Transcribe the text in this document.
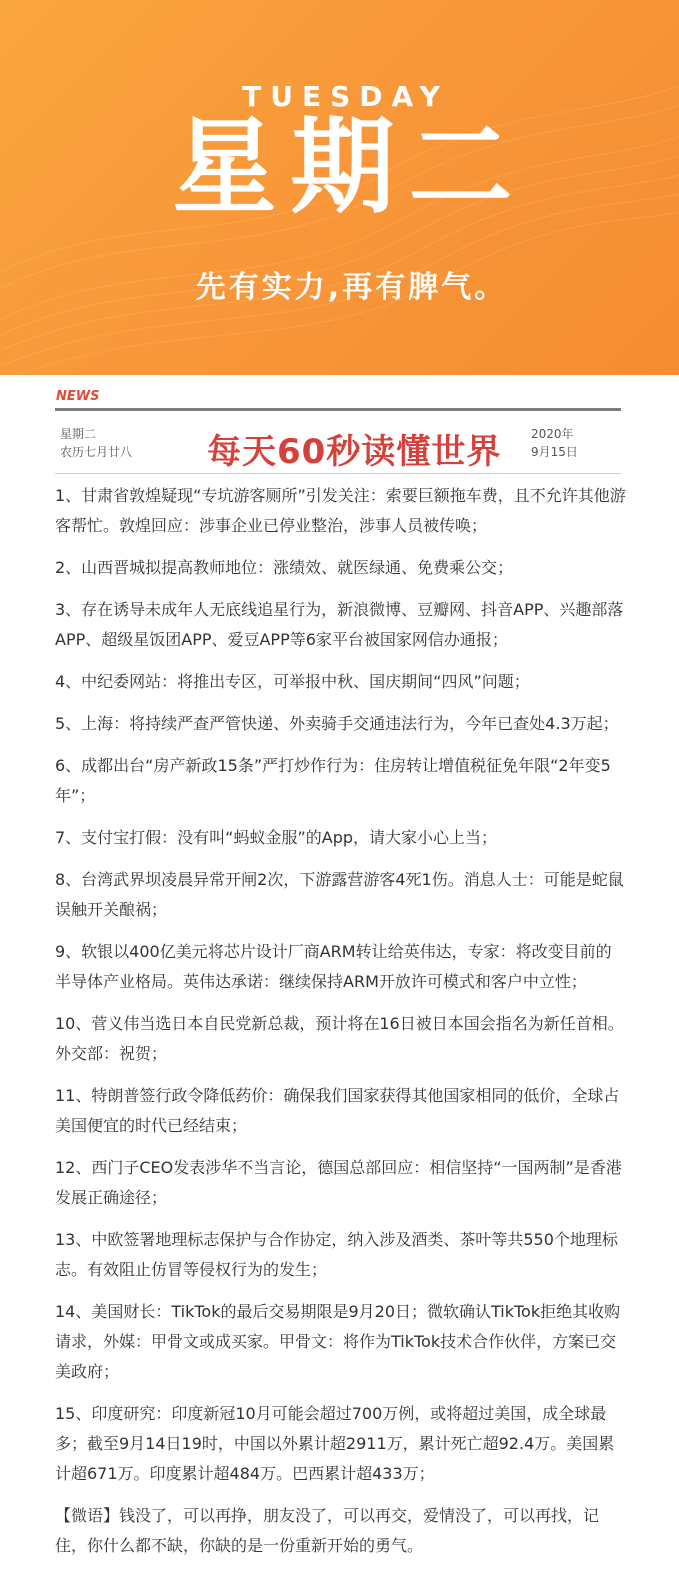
TUESDAY
星期二
先有实力,再有脾气。
NEWS
星期二
农历七月廿八 每天60秒读懂世界	2020年
9月15日

1、甘肃省敦煌疑现“专坑游客厕所”引发关注：索要巨额拖车费，且不允许其他游客帮忙。敦煌回应：涉事企业已停业整治，涉事人员被传唤；

2、山西晋城拟提高教师地位：涨绩效、就医绿通、免费乘公交；

3、存在诱导未成年人无底线追星行为，新浪微博、豆瓣网、抖音APP、兴趣部落APP、超级星饭团APP、爱豆APP等6家平台被国家网信办通报；

4、中纪委网站：将推出专区，可举报中秋、国庆期间“四风”问题；

5、上海：将持续严查严管快递、外卖骑手交通违法行为，今年已查处4.3万起；

6、成都出台“房产新政15条”严打炒作行为：住房转让增值税征免年限“2年变5年”；

7、支付宝打假：没有叫“蚂蚁金服”的App，请大家小心上当；

8、台湾武界坝凌晨异常开闸2次，下游露营游客4死1伤。消息人士：可能是蛇鼠误触开关酿祸；

9、软银以400亿美元将芯片设计厂商ARM转让给英伟达，专家：将改变目前的半导体产业格局。英伟达承诺：继续保持ARM开放许可模式和客户中立性；

10、菅义伟当选日本自民党新总裁，预计将在16日被日本国会指名为新任首相。外交部：祝贺；

11、特朗普签行政令降低药价：确保我们国家获得其他国家相同的低价，全球占美国便宜的时代已经结束；

12、西门子CEO发表涉华不当言论，德国总部回应：相信坚持“一国两制”是香港发展正确途径；

13、中欧签署地理标志保护与合作协定，纳入涉及酒类、茶叶等共550个地理标志。有效阻止仿冒等侵权行为的发生；

14、美国财长：TikTok的最后交易期限是9月20日；微软确认TikTok拒绝其收购请求，外媒：甲骨文或成买家。甲骨文：将作为TikTok技术合作伙伴，方案已交美政府；

15、印度研究：印度新冠10月可能会超过700万例，或将超过美国，成全球最多；截至9月14日19时，中国以外累计超2911万，累计死亡超92.4万。美国累计超671万。印度累计超484万。巴西累计超433万；

【微语】钱没了，可以再挣，朋友没了，可以再交，爱情没了，可以再找，记住，你什么都不缺，你缺的是一份重新开始的勇气。
